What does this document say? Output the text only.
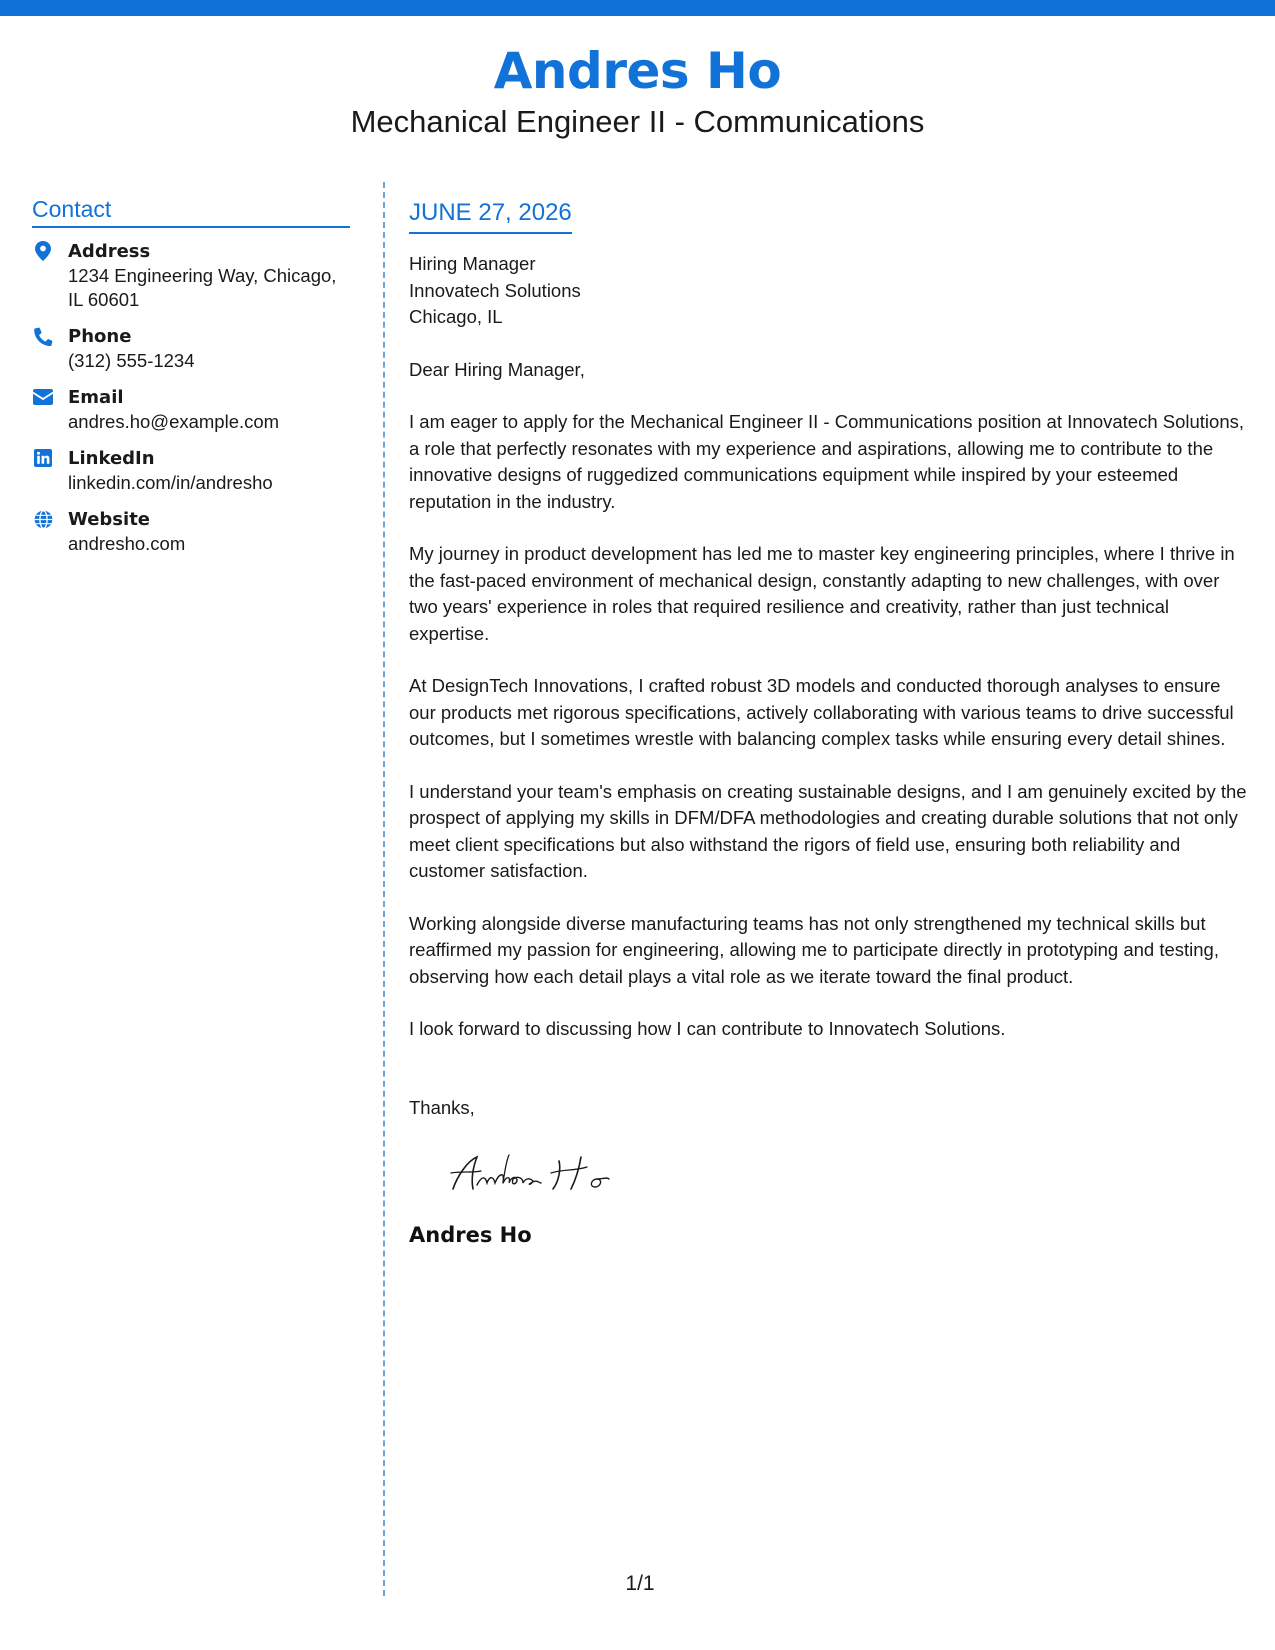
Andres Ho
Mechanical Engineer II - Communications
Contact
Address
1234 Engineering Way, Chicago, IL 60601
Phone
(312) 555-1234
Email
andres.ho@example.com
LinkedIn
linkedin.com/in/andresho
Website
andresho.com
JUNE 27, 2026
Hiring Manager
Innovatech Solutions
Chicago, IL
Dear Hiring Manager,
I am eager to apply for the Mechanical Engineer II - Communications position at Innovatech Solutions, a role that perfectly resonates with my experience and aspirations, allowing me to contribute to the innovative designs of ruggedized communications equipment while inspired by your esteemed reputation in the industry.
My journey in product development has led me to master key engineering principles, where I thrive in the fast-paced environment of mechanical design, constantly adapting to new challenges, with over two years' experience in roles that required resilience and creativity, rather than just technical expertise.
At DesignTech Innovations, I crafted robust 3D models and conducted thorough analyses to ensure our products met rigorous specifications, actively collaborating with various teams to drive successful outcomes, but I sometimes wrestle with balancing complex tasks while ensuring every detail shines.
I understand your team's emphasis on creating sustainable designs, and I am genuinely excited by the prospect of applying my skills in DFM/DFA methodologies and creating durable solutions that not only meet client specifications but also withstand the rigors of field use, ensuring both reliability and customer satisfaction.
Working alongside diverse manufacturing teams has not only strengthened my technical skills but reaffirmed my passion for engineering, allowing me to participate directly in prototyping and testing, observing how each detail plays a vital role as we iterate toward the final product.
I look forward to discussing how I can contribute to Innovatech Solutions.
Thanks,
Andres Ho
1/1
